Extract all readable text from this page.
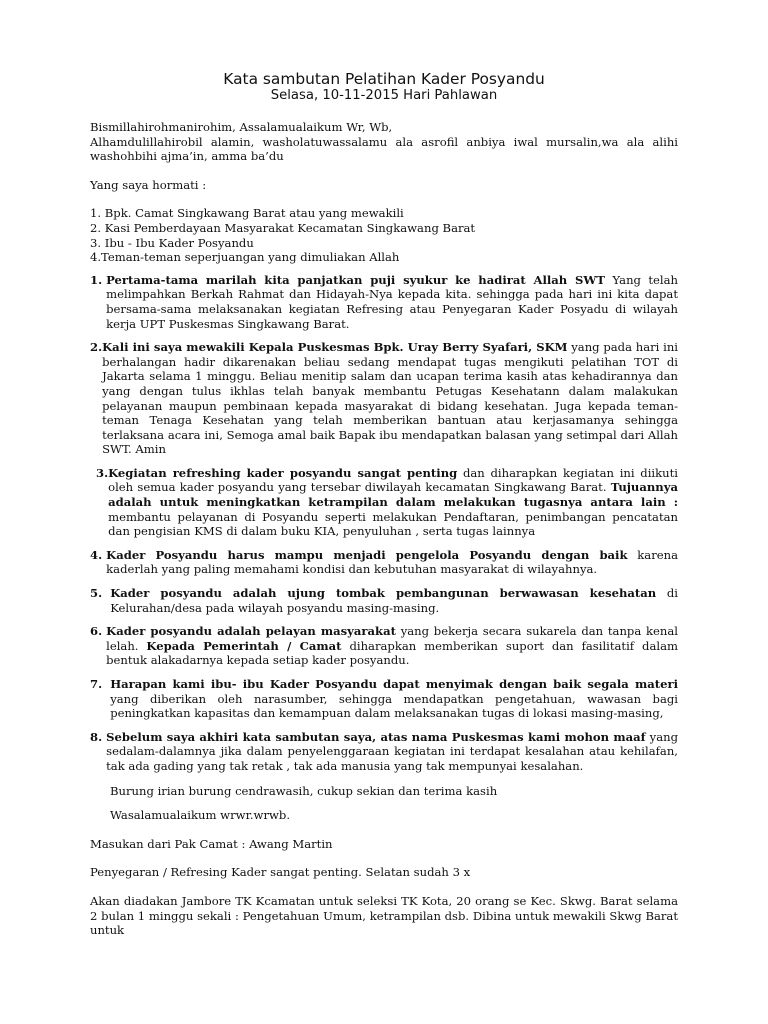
Kata sambutan Pelatihan Kader Posyandu
Selasa, 10-11-2015 Hari Pahlawan

Bismillahirohmanirohim, Assalamualaikum Wr, Wb,

Alhamdulillahirobil alamin, washolatuwassalamu ala asrofil anbiya iwal mursalin,wa ala alihi washohbihi ajma’in, amma ba’du

Yang saya hormati :

1. Bpk. Camat Singkawang Barat atau yang mewakili
2. Kasi Pemberdayaan Masyarakat Kecamatan Singkawang Barat
3. Ibu - Ibu Kader Posyandu
4.Teman-teman seperjuangan yang dimuliakan Allah
1. Pertama-tama marilah kita panjatkan puji syukur ke hadirat Allah SWT Yang telah melimpahkan Berkah Rahmat dan Hidayah-Nya kepada kita. sehingga pada hari ini kita dapat bersama-sama melaksanakan kegiatan Refresing atau Penyegaran Kader Posyadu di wilayah kerja UPT Puskesmas Singkawang Barat.
2. Kali ini saya mewakili Kepala Puskesmas Bpk. Uray Berry Syafari, SKM yang pada hari ini berhalangan hadir dikarenakan beliau sedang mendapat tugas mengikuti pelatihan TOT di Jakarta selama 1 minggu. Beliau menitip salam dan ucapan terima kasih atas kehadirannya dan yang dengan tulus ikhlas telah banyak membantu Petugas Kesehatann dalam malakukan pelayanan maupun pembinaan kepada masyarakat di bidang kesehatan. Juga kepada teman-teman Tenaga Kesehatan yang telah memberikan bantuan atau kerjasamanya sehingga terlaksana acara ini, Semoga amal baik Bapak ibu mendapatkan balasan yang setimpal dari Allah SWT. Amin
3. Kegiatan refreshing kader posyandu sangat penting dan diharapkan kegiatan ini diikuti oleh semua kader posyandu yang tersebar diwilayah kecamatan Singkawang Barat. Tujuannya adalah untuk meningkatkan ketrampilan dalam melakukan tugasnya antara lain : membantu pelayanan di Posyandu seperti melakukan Pendaftaran, penimbangan pencatatan dan pengisian KMS di dalam buku KIA, penyuluhan , serta tugas lainnya
4. Kader Posyandu harus mampu menjadi pengelola Posyandu dengan baik karena kaderlah yang paling memahami kondisi dan kebutuhan masyarakat di wilayahnya.
5. Kader posyandu adalah ujung tombak pembangunan berwawasan kesehatan di Kelurahan/desa pada wilayah posyandu masing-masing.
6. Kader posyandu adalah pelayan masyarakat yang bekerja secara sukarela dan tanpa kenal lelah. Kepada Pemerintah / Camat diharapkan memberikan suport dan fasilitatif dalam bentuk alakadarnya kepada setiap kader posyandu.
7. Harapan kami ibu- ibu Kader Posyandu dapat menyimak dengan baik segala materi yang diberikan oleh narasumber, sehingga mendapatkan pengetahuan, wawasan bagi peningkatkan kapasitas dan kemampuan dalam melaksanakan tugas di lokasi masing-masing,
8. Sebelum saya akhiri kata sambutan saya, atas nama Puskesmas kami mohon maaf yang sedalam-dalamnya jika dalam penyelenggaraan kegiatan ini terdapat kesalahan atau kehilafan, tak ada gading yang tak retak , tak ada manusia yang tak mempunyai kesalahan.

Burung irian burung cendrawasih, cukup sekian dan terima kasih

Wasalamualaikum wrwr.wrwb.

Masukan dari Pak Camat : Awang Martin

Penyegaran / Refresing Kader sangat penting. Selatan sudah 3 x

Akan diadakan Jambore TK Kcamatan untuk seleksi TK Kota, 20 orang se Kec. Skwg. Barat selama 2 bulan 1 minggu sekali : Pengetahuan Umum, ketrampilan dsb. Dibina untuk mewakili Skwg Barat untuk
